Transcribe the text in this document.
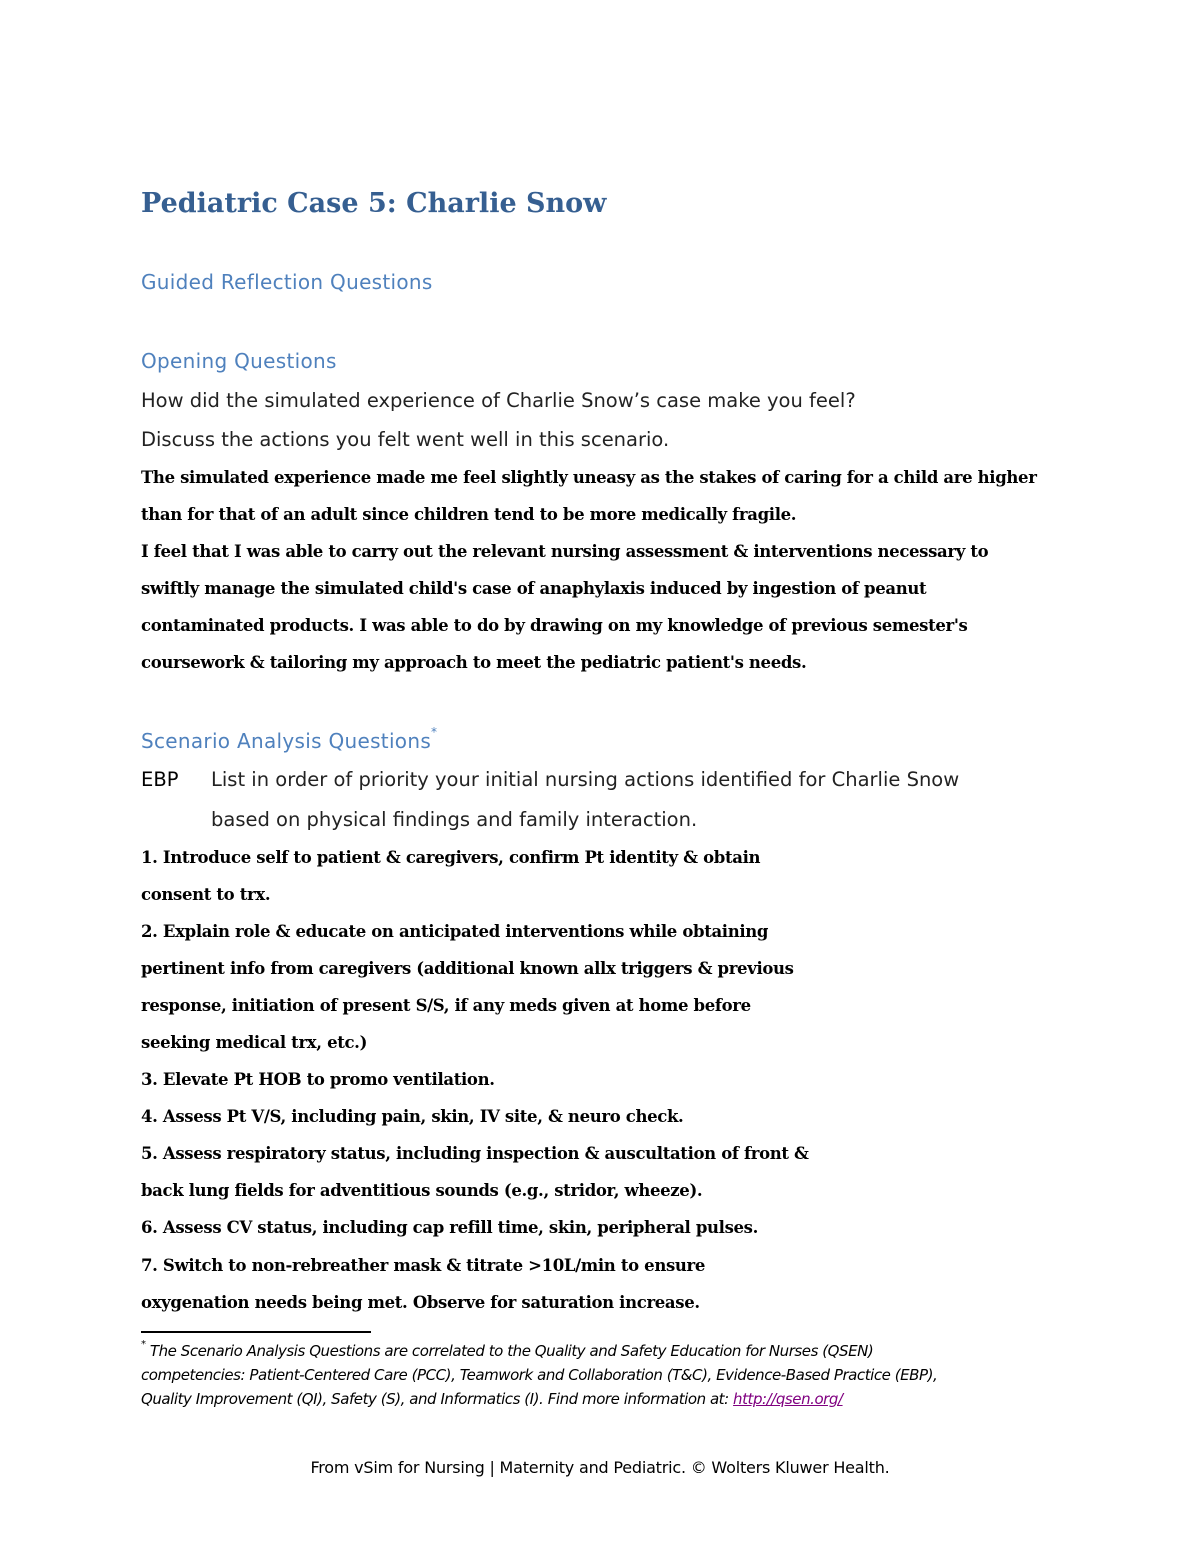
Pediatric Case 5: Charlie Snow
Guided Reflection Questions
Opening Questions
How did the simulated experience of Charlie Snow’s case make you feel?
Discuss the actions you felt went well in this scenario.
The simulated experience made me feel slightly uneasy as the stakes of caring for a child are higher
than for that of an adult since children tend to be more medically fragile.
I feel that I was able to carry out the relevant nursing assessment & interventions necessary to
swiftly manage the simulated child's case of anaphylaxis induced by ingestion of peanut
contaminated products. I was able to do by drawing on my knowledge of previous semester's
coursework & tailoring my approach to meet the pediatric patient's needs.
Scenario Analysis Questions*
EBP List in order of priority your initial nursing actions identified for Charlie Snow
based on physical findings and family interaction.
1. Introduce self to patient & caregivers, confirm Pt identity & obtain
consent to trx.
2. Explain role & educate on anticipated interventions while obtaining
pertinent info from caregivers (additional known allx triggers & previous
response, initiation of present S/S, if any meds given at home before
seeking medical trx, etc.)
3. Elevate Pt HOB to promo ventilation.
4. Assess Pt V/S, including pain, skin, IV site, & neuro check.
5. Assess respiratory status, including inspection & auscultation of front &
back lung fields for adventitious sounds (e.g., stridor, wheeze).
6. Assess CV status, including cap refill time, skin, peripheral pulses.
7. Switch to non-rebreather mask & titrate >10L/min to ensure
oxygenation needs being met. Observe for saturation increase.
* The Scenario Analysis Questions are correlated to the Quality and Safety Education for Nurses (QSEN)
competencies: Patient-Centered Care (PCC), Teamwork and Collaboration (T&C), Evidence-Based Practice (EBP),
Quality Improvement (QI), Safety (S), and Informatics (I). Find more information at: http://qsen.org/
From vSim for Nursing | Maternity and Pediatric. © Wolters Kluwer Health.
